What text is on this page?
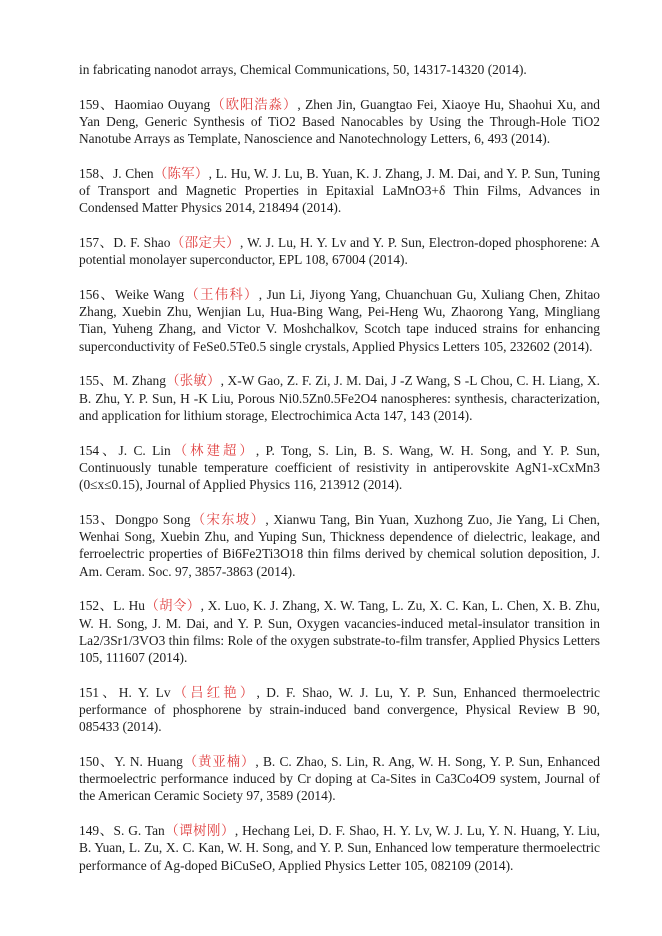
in fabricating nanodot arrays, Chemical Communications, 50, 14317-14320 (2014).

159、Haomiao Ouyang（欧阳浩淼）, Zhen Jin, Guangtao Fei, Xiaoye Hu, Shaohui Xu, and Yan Deng, Generic Synthesis of TiO2 Based Nanocables by Using the Through-Hole TiO2 Nanotube Arrays as Template, Nanoscience and Nanotechnology Letters, 6, 493 (2014).

158、J. Chen（陈军）, L. Hu, W. J. Lu, B. Yuan, K. J. Zhang, J. M. Dai, and Y. P. Sun, Tuning of Transport and Magnetic Properties in Epitaxial LaMnO3+δ Thin Films, Advances in Condensed Matter Physics 2014, 218494 (2014).

157、D. F. Shao（邵定夫）, W. J. Lu, H. Y. Lv and Y. P. Sun, Electron-doped phosphorene: A potential monolayer superconductor, EPL 108, 67004 (2014).

156、Weike Wang（王伟科）, Jun Li, Jiyong Yang, Chuanchuan Gu, Xuliang Chen, Zhitao Zhang, Xuebin Zhu, Wenjian Lu, Hua-Bing Wang, Pei-Heng Wu, Zhaorong Yang, Mingliang Tian, Yuheng Zhang, and Victor V. Moshchalkov, Scotch tape induced strains for enhancing superconductivity of FeSe0.5Te0.5 single crystals, Applied Physics Letters 105, 232602 (2014).

155、M. Zhang（张敏）, X-W Gao, Z. F. Zi, J. M. Dai, J -Z Wang, S -L Chou, C. H. Liang, X. B. Zhu, Y. P. Sun, H -K Liu, Porous Ni0.5Zn0.5Fe2O4 nanospheres: synthesis, characterization, and application for lithium storage, Electrochimica Acta 147, 143 (2014).

154、J. C. Lin（林建超）, P. Tong, S. Lin, B. S. Wang, W. H. Song, and Y. P. Sun, Continuously tunable temperature coefficient of resistivity in antiperovskite AgN1-xCxMn3 (0≤x≤0.15), Journal of Applied Physics 116, 213912 (2014).

153、Dongpo Song（宋东坡）, Xianwu Tang, Bin Yuan, Xuzhong Zuo, Jie Yang, Li Chen, Wenhai Song, Xuebin Zhu, and Yuping Sun, Thickness dependence of dielectric, leakage, and ferroelectric properties of Bi6Fe2Ti3O18 thin films derived by chemical solution deposition, J. Am. Ceram. Soc. 97, 3857-3863 (2014).

152、L. Hu（胡令）, X. Luo, K. J. Zhang, X. W. Tang, L. Zu, X. C. Kan, L. Chen, X. B. Zhu, W. H. Song, J. M. Dai, and Y. P. Sun, Oxygen vacancies-induced metal-insulator transition in La2/3Sr1/3VO3 thin films: Role of the oxygen substrate-to-film transfer, Applied Physics Letters 105, 111607 (2014).

151、H. Y. Lv（吕红艳）, D. F. Shao, W. J. Lu, Y. P. Sun, Enhanced thermoelectric performance of phosphorene by strain-induced band convergence, Physical Review B 90, 085433 (2014).

150、Y. N. Huang（黄亚楠）, B. C. Zhao, S. Lin, R. Ang, W. H. Song, Y. P. Sun, Enhanced thermoelectric performance induced by Cr doping at Ca-Sites in Ca3Co4O9 system, Journal of the American Ceramic Society 97, 3589 (2014).

149、S. G. Tan（谭树刚）, Hechang Lei, D. F. Shao, H. Y. Lv, W. J. Lu, Y. N. Huang, Y. Liu, B. Yuan, L. Zu, X. C. Kan, W. H. Song, and Y. P. Sun, Enhanced low temperature thermoelectric performance of Ag-doped BiCuSeO, Applied Physics Letter 105, 082109 (2014).
